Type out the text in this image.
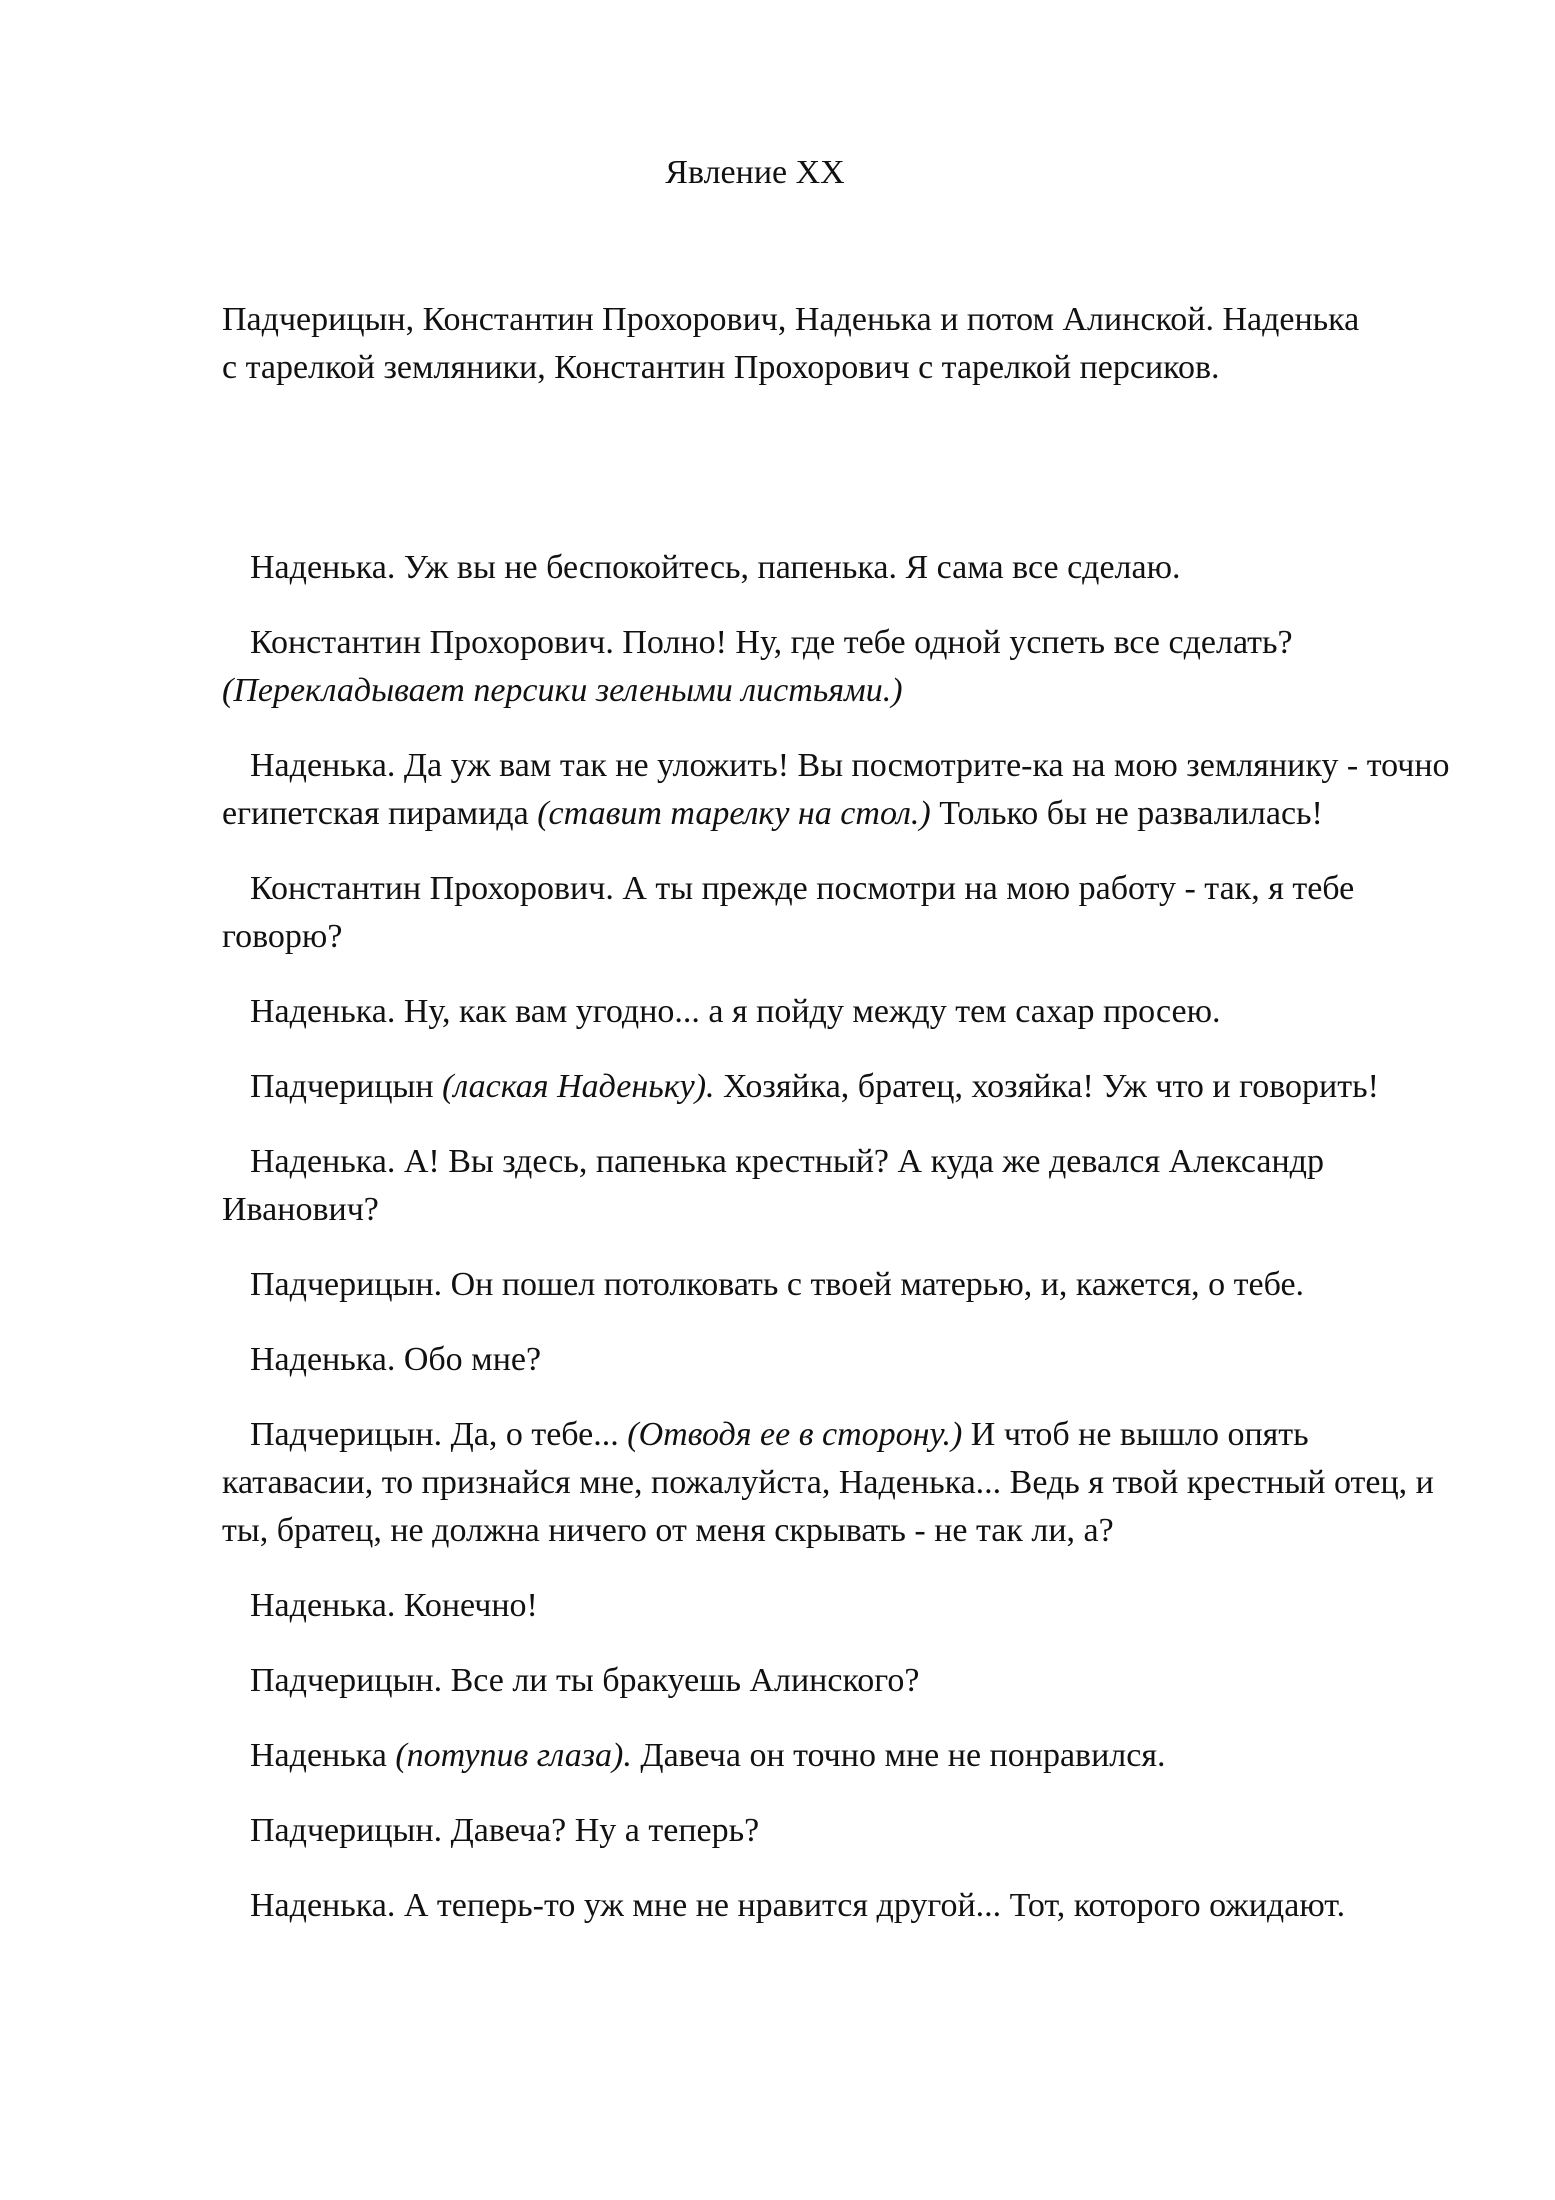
Явление XX
Падчерицын, Константин Прохорович, Наденька и потом Алинской. Наденька с тарелкой земляники, Константин Прохорович с тарелкой персиков.

Наденька. Уж вы не беспокойтесь, папенька. Я сама все сделаю.

Константин Прохорович. Полно! Ну, где тебе одной успеть все сделать? (Перекладывает персики зелеными листьями.)

Наденька. Да уж вам так не уложить! Вы посмотрите-ка на мою землянику - точно египетская пирамида (ставит тарелку на стол.) Только бы не развалилась!

Константин Прохорович. А ты прежде посмотри на мою работу - так, я тебе говорю?

Наденька. Ну, как вам угодно... а я пойду между тем сахар просею.

Падчерицын (лаская Наденьку). Хозяйка, братец, хозяйка! Уж что и говорить!

Наденька. А! Вы здесь, папенька крестный? А куда же девался Александр Иванович?

Падчерицын. Он пошел потолковать с твоей матерью, и, кажется, о тебе.

Наденька. Обо мне?

Падчерицын. Да, о тебе... (Отводя ее в сторону.) И чтоб не вышло опять катавасии, то признайся мне, пожалуйста, Наденька... Ведь я твой крестный отец, и ты, братец, не должна ничего от меня скрывать - не так ли, а?

Наденька. Конечно!

Падчерицын. Все ли ты бракуешь Алинского?

Наденька (потупив глаза). Давеча он точно мне не понравился.

Падчерицын. Давеча? Ну а теперь?

Наденька. А теперь-то уж мне не нравится другой... Тот, которого ожидают.
